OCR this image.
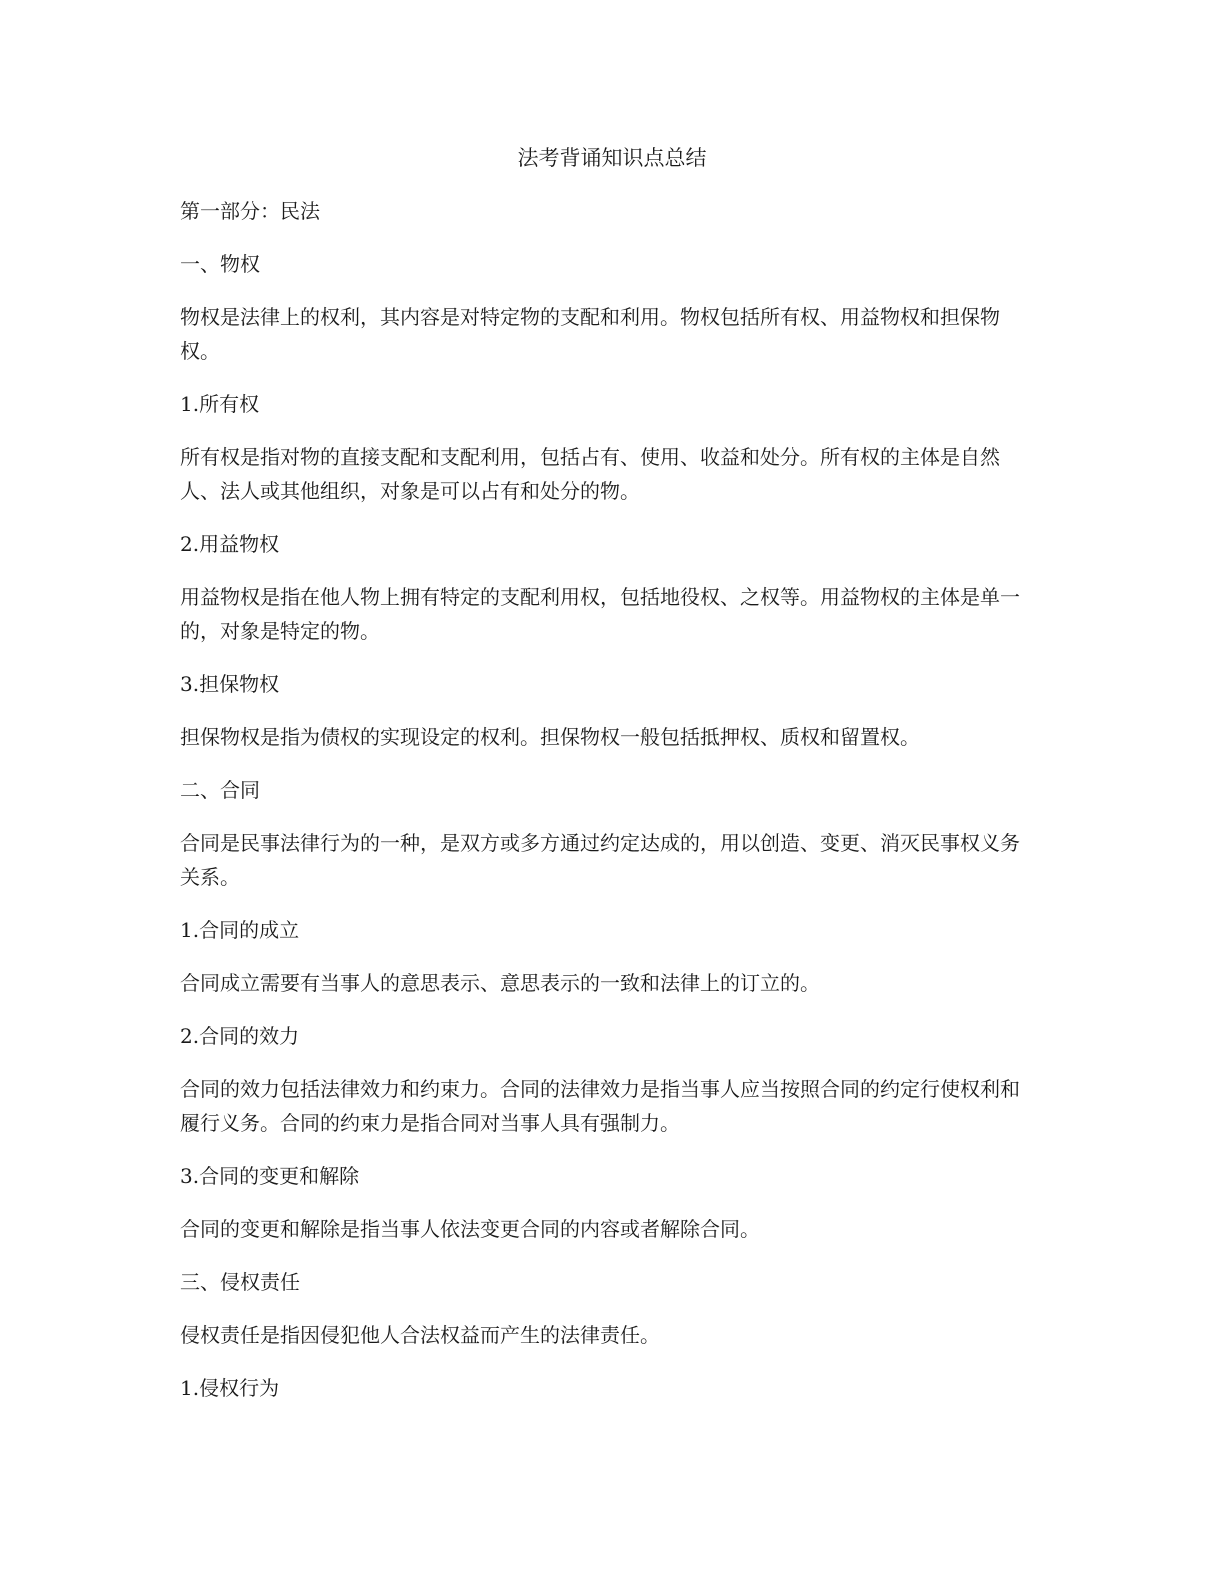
法考背诵知识点总结
第一部分：民法
一、物权
物权是法律上的权利，其内容是对特定物的支配和利用。物权包括所有权、用益物权和担保物权。
1.所有权
所有权是指对物的直接支配和支配利用，包括占有、使用、收益和处分。所有权的主体是自然人、法人或其他组织，对象是可以占有和处分的物。
2.用益物权
用益物权是指在他人物上拥有特定的支配利用权，包括地役权、之权等。用益物权的主体是单一的，对象是特定的物。
3.担保物权
担保物权是指为债权的实现设定的权利。担保物权一般包括抵押权、质权和留置权。
二、合同
合同是民事法律行为的一种，是双方或多方通过约定达成的，用以创造、变更、消灭民事权义务关系。
1.合同的成立
合同成立需要有当事人的意思表示、意思表示的一致和法律上的订立的。
2.合同的效力
合同的效力包括法律效力和约束力。合同的法律效力是指当事人应当按照合同的约定行使权利和履行义务。合同的约束力是指合同对当事人具有强制力。
3.合同的变更和解除
合同的变更和解除是指当事人依法变更合同的内容或者解除合同。
三、侵权责任
侵权责任是指因侵犯他人合法权益而产生的法律责任。
1.侵权行为
